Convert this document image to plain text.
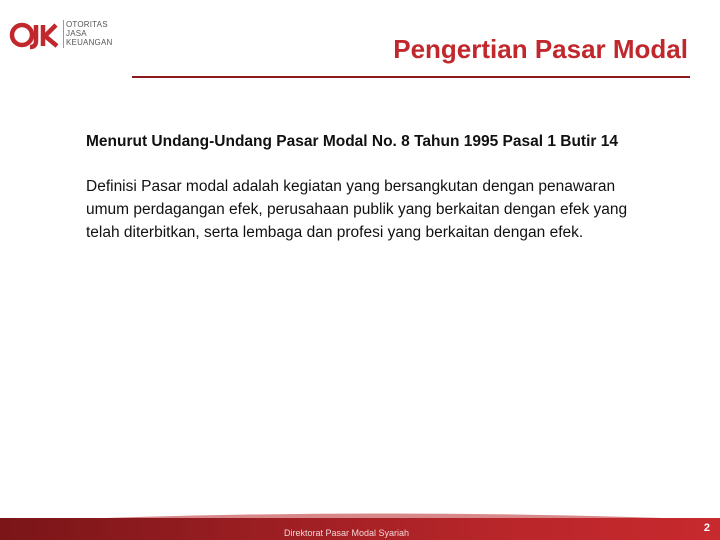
OTORITAS
JASA
KEUANGAN	Pengertian Pasar Modal

Menurut Undang-Undang Pasar Modal No. 8 Tahun 1995 Pasal 1 Butir 14

Definisi Pasar modal adalah kegiatan yang bersangkutan dengan penawaran umum perdagangan efek, perusahaan publik yang berkaitan dengan efek yang telah diterbitkan, serta lembaga dan profesi yang berkaitan dengan efek.

Direktorat Pasar Modal Syariah	2
